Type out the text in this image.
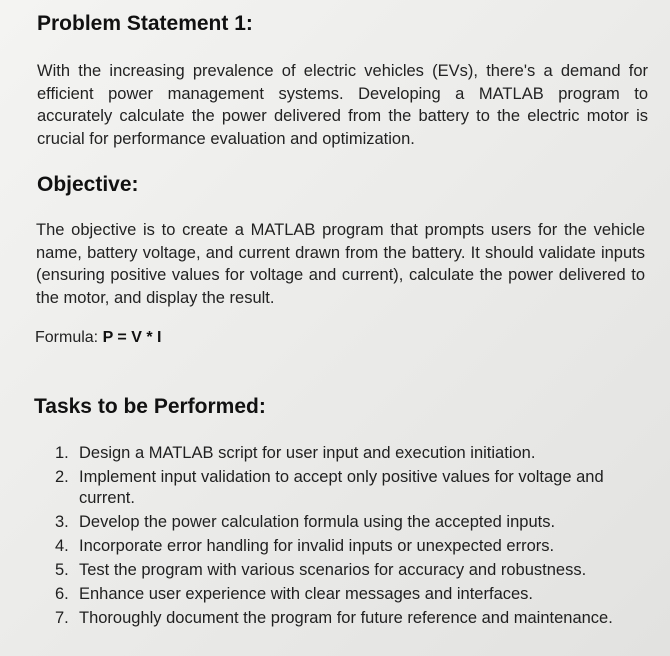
Problem Statement 1:

With the increasing prevalence of electric vehicles (EVs), there's a demand for efficient power management systems. Developing a MATLAB program to accurately calculate the power delivered from the battery to the electric motor is crucial for performance evaluation and optimization.

Objective:

The objective is to create a MATLAB program that prompts users for the vehicle name, battery voltage, and current drawn from the battery. It should validate inputs (ensuring positive values for voltage and current), calculate the power delivered to the motor, and display the result.

Formula: P = V * I
Tasks to be Performed:
1. Design a MATLAB script for user input and execution initiation.
2. Implement input validation to accept only positive values for voltage and current.
3. Develop the power calculation formula using the accepted inputs.
4. Incorporate error handling for invalid inputs or unexpected errors.
5. Test the program with various scenarios for accuracy and robustness.
6. Enhance user experience with clear messages and interfaces.
7. Thoroughly document the program for future reference and maintenance.
